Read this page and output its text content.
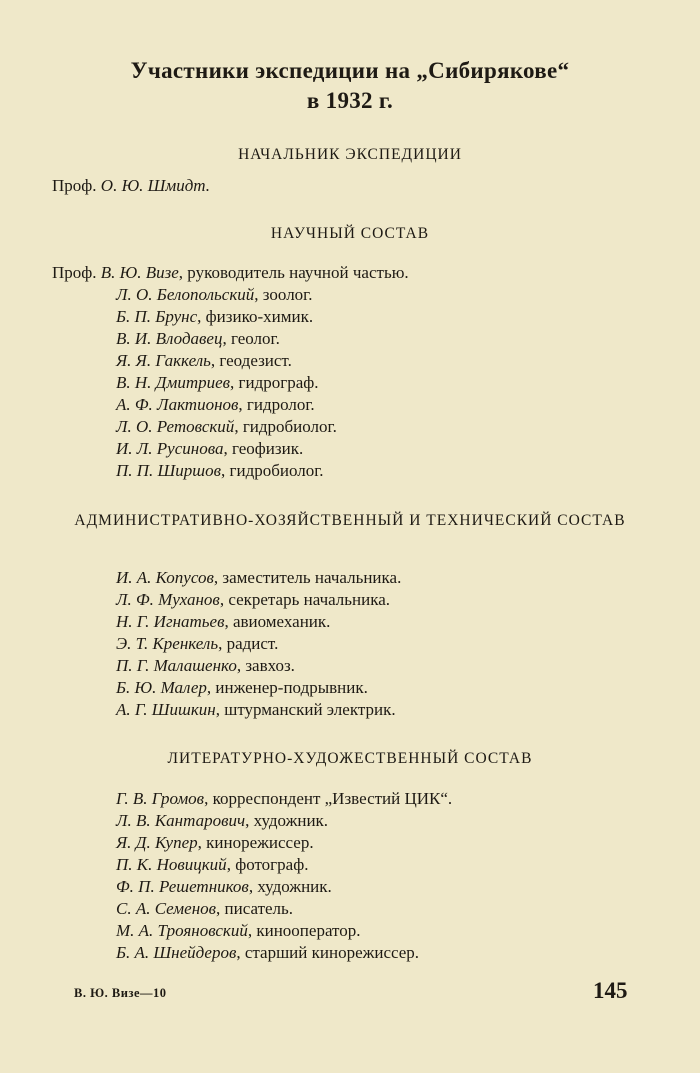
Участники экспедиции на „Сибирякове“
в 1932 г.
НАЧАЛЬНИК ЭКСПЕДИЦИИ
Проф. О. Ю. Шмидт.
НАУЧНЫЙ СОСТАВ
Проф. В. Ю. Визе, руководитель научной частью.
Л. О. Белопольский, зоолог.
Б. П. Брунс, физико-химик.
В. И. Влодавец, геолог.
Я. Я. Гаккель, геодезист.
В. Н. Дмитриев, гидрограф.
А. Ф. Лактионов, гидролог.
Л. О. Ретовский, гидробиолог.
И. Л. Русинова, геофизик.
П. П. Ширшов, гидробиолог.
АДМИНИСТРАТИВНО-ХОЗЯЙСТВЕННЫЙ И ТЕХНИЧЕСКИЙ СОСТАВ
И. А. Копусов, заместитель начальника.
Л. Ф. Муханов, секретарь начальника.
Н. Г. Игнатьев, авиомеханик.
Э. Т. Кренкель, радист.
П. Г. Малашенко, завхоз.
Б. Ю. Малер, инженер-подрывник.
А. Г. Шишкин, штурманский электрик.
ЛИТЕРАТУРНО-ХУДОЖЕСТВЕННЫЙ СОСТАВ
Г. В. Громов, корреспондент „Известий ЦИК“.
Л. В. Кантарович, художник.
Я. Д. Купер, кинорежиссер.
П. К. Новицкий, фотограф.
Ф. П. Решетников, художник.
С. А. Семенов, писатель.
М. А. Трояновский, кинооператор.
Б. А. Шнейдеров, старший кинорежиссер.
В. Ю. Визе—10	145
